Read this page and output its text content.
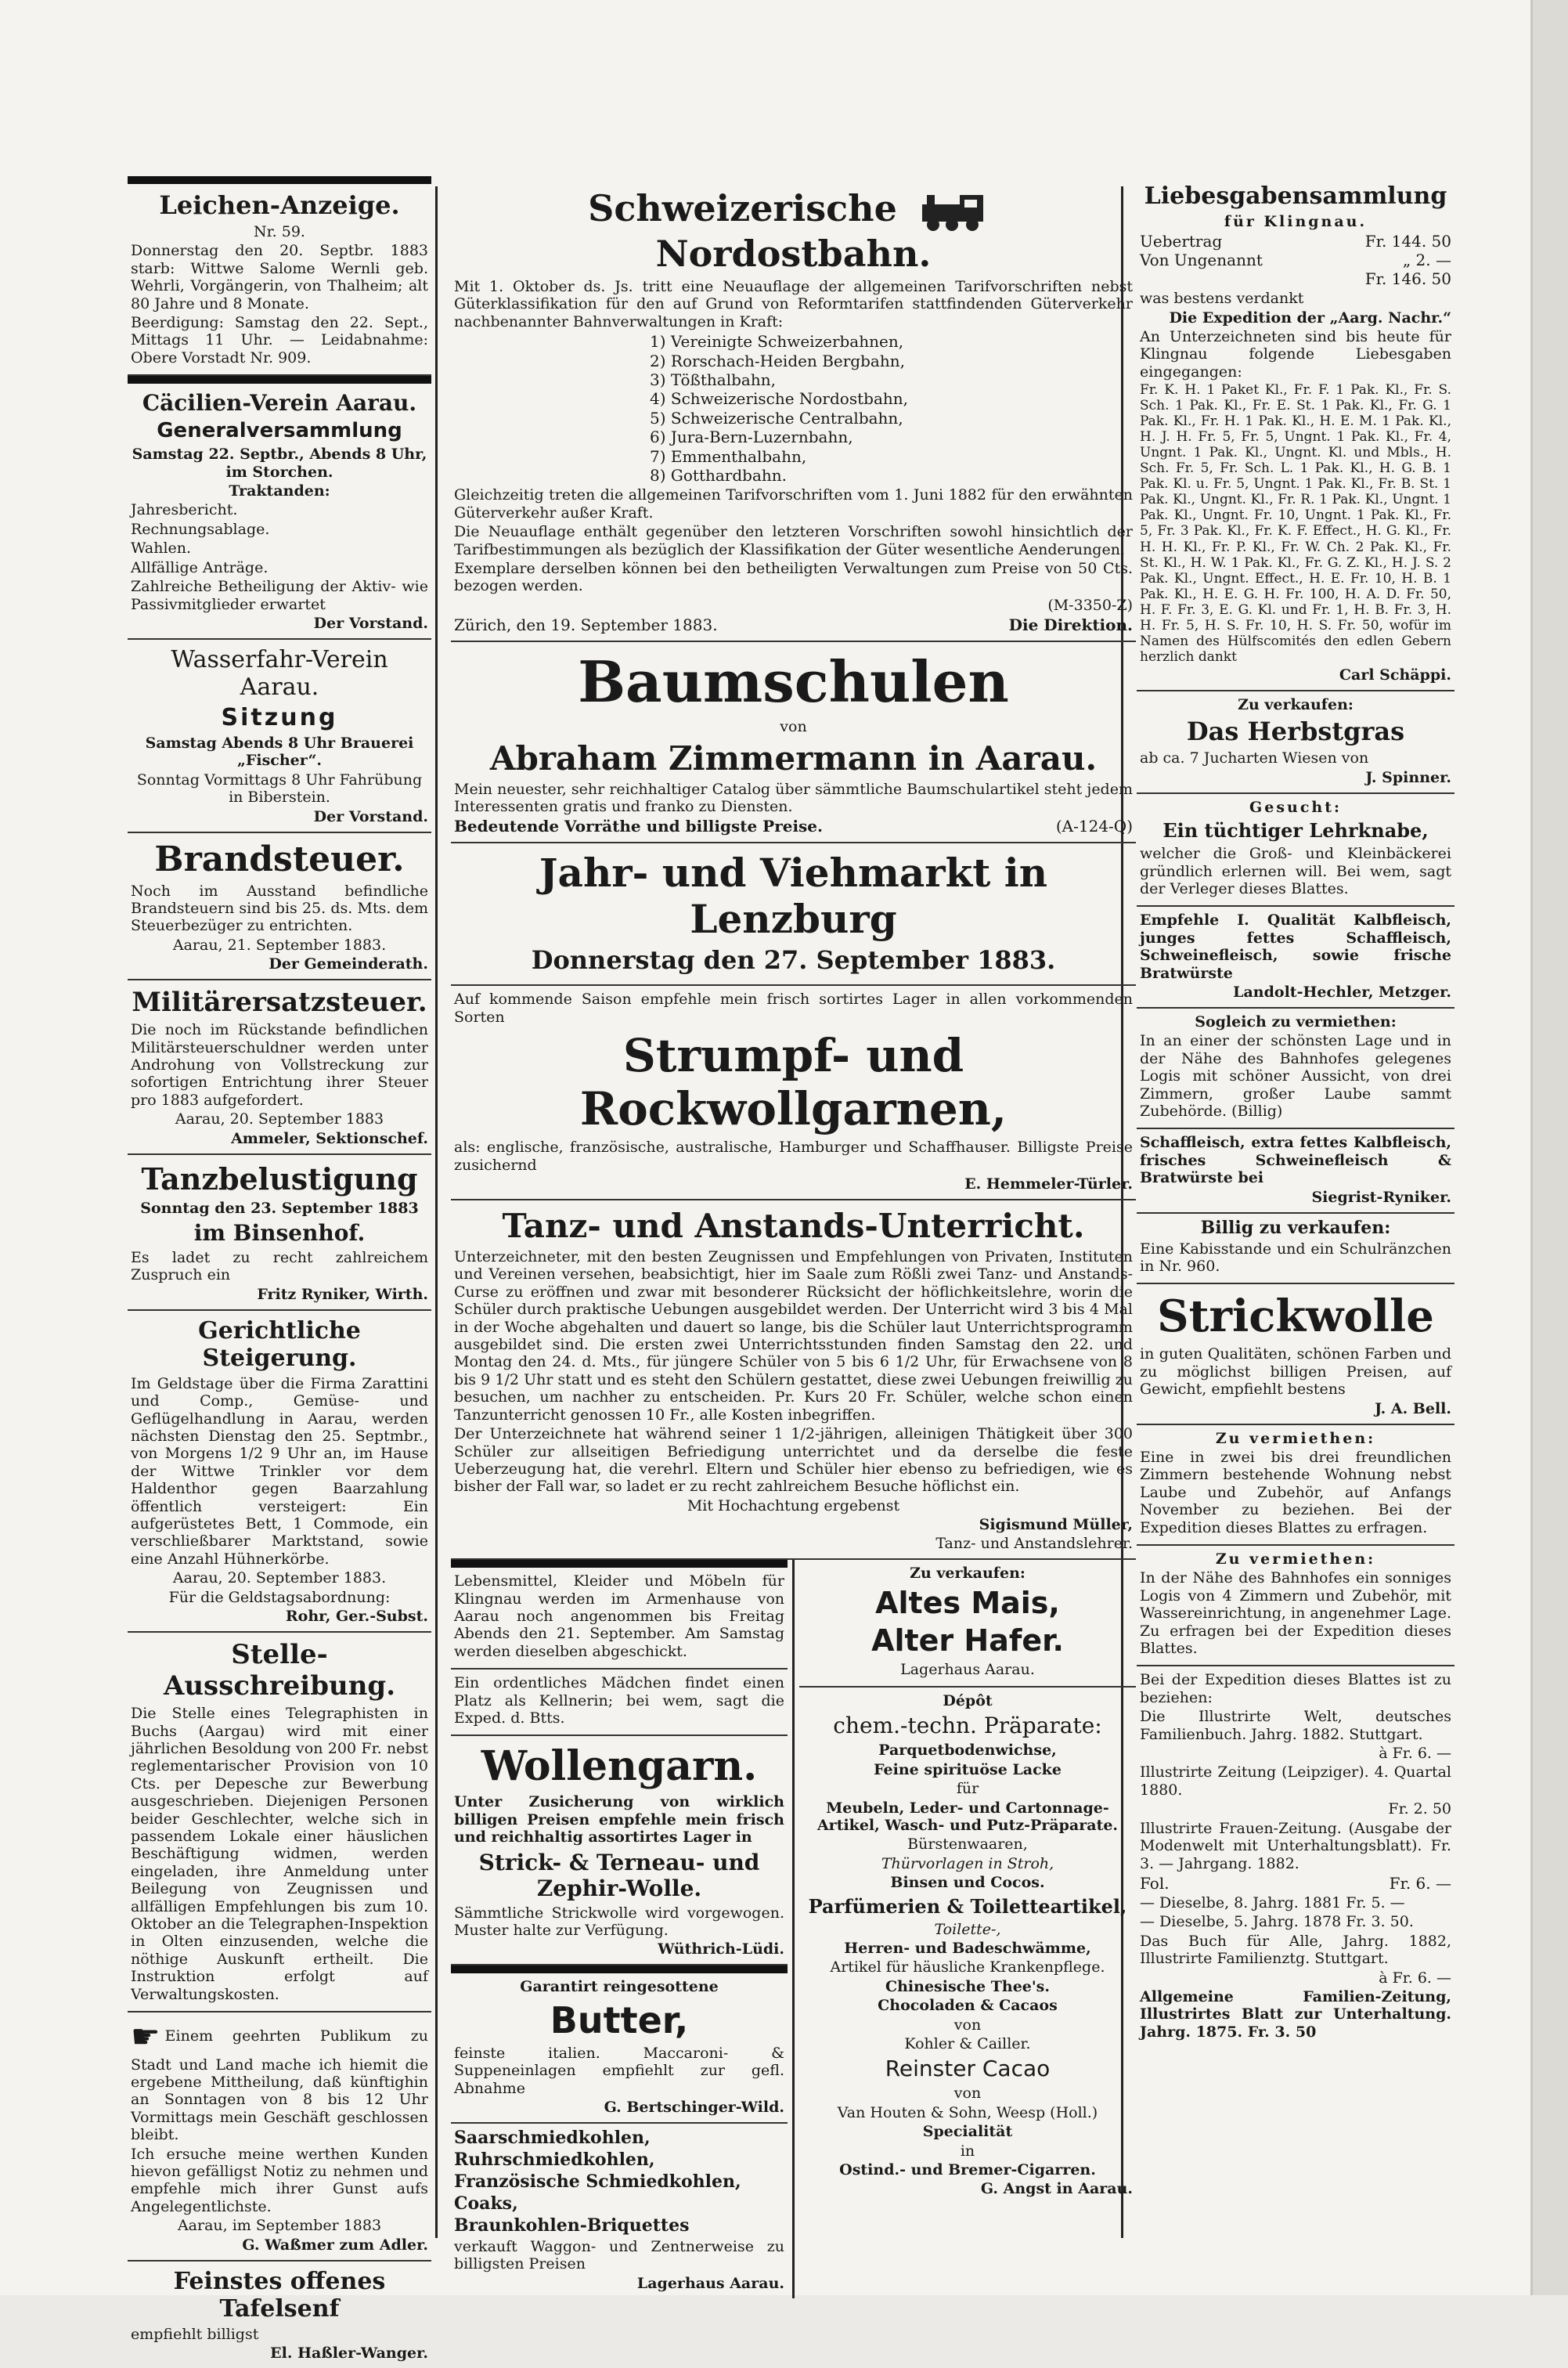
Leichen-Anzeige.

Nr. 59.

Donnerstag den 20. Septbr. 1883 starb: Wittwe Salome Wernli geb. Wehrli, Vorgängerin, von Thalheim; alt 80 Jahre und 8 Monate.

Beerdigung: Samstag den 22. Sept., Mittags 11 Uhr. — Leidabnahme: Obere Vorstadt Nr. 909.

Cäcilien-Verein Aarau.
Generalversammlung

Samstag 22. Septbr., Abends 8 Uhr, im Storchen.

Traktanden:

Jahresbericht.

Rechnungsablage.

Wahlen.

Allfällige Anträge.

Zahlreiche Betheiligung der Aktiv- wie Passivmitglieder erwartet

Der Vorstand.
Wasserfahr-Verein Aarau.
Sitzung

Samstag Abends 8 Uhr Brauerei „Fischer“.

Sonntag Vormittags 8 Uhr Fahrübung in Biberstein.

Der Vorstand.
Brandsteuer.

Noch im Ausstand befindliche Brandsteuern sind bis 25. ds. Mts. dem Steuerbezüger zu entrichten.

Aarau, 21. September 1883.

Der Gemeinderath.
Militärersatzsteuer.

Die noch im Rückstande befindlichen Militärsteuerschuldner werden unter Androhung von Vollstreckung zur sofortigen Entrichtung ihrer Steuer pro 1883 aufgefordert.

Aarau, 20. September 1883

Ammeler, Sektionschef.
Tanzbelustigung

Sonntag den 23. September 1883

im Binsenhof.

Es ladet zu recht zahlreichem Zuspruch ein

Fritz Ryniker, Wirth.
Gerichtliche Steigerung.

Im Geldstage über die Firma Zarattini und Comp., Gemüse- und Geflügelhandlung in Aarau, werden nächsten Dienstag den 25. Septmbr., von Morgens 1/2 9 Uhr an, im Hause der Wittwe Trinkler vor dem Haldenthor gegen Baarzahlung öffentlich versteigert: Ein aufgerüstetes Bett, 1 Commode, ein verschließbarer Marktstand, sowie eine Anzahl Hühnerkörbe.

Aarau, 20. September 1883.

Für die Geldstagsabordnung:

Rohr, Ger.-Subst.
Stelle-Ausschreibung.

Die Stelle eines Telegraphisten in Buchs (Aargau) wird mit einer jährlichen Besoldung von 200 Fr. nebst reglementarischer Provision von 10 Cts. per Depesche zur Bewerbung ausgeschrieben. Diejenigen Personen beider Geschlechter, welche sich in passendem Lokale einer häuslichen Beschäftigung widmen, werden eingeladen, ihre Anmeldung unter Beilegung von Zeugnissen und allfälligen Empfehlungen bis zum 10. Oktober an die Telegraphen-Inspektion in Olten einzusenden, welche die nöthige Auskunft ertheilt. Die Instruktion erfolgt auf Verwaltungskosten.

☛ Einem geehrten Publikum zu Stadt und Land mache ich hiemit die ergebene Mittheilung, daß künftighin an Sonntagen von 8 bis 12 Uhr Vormittags mein Geschäft geschlossen bleibt.

Ich ersuche meine werthen Kunden hievon gefälligst Notiz zu nehmen und empfehle mich ihrer Gunst aufs Angelegentlichste.

Aarau, im September 1883

G. Waßmer zum Adler.
Feinstes offenes Tafelsenf

empfiehlt billigst

El. Haßler-Wanger.
Schweizerische  Nordostbahn.

Mit 1. Oktober ds. Js. tritt eine Neuauflage der allgemeinen Tarifvorschriften nebst Güterklassifikation für den auf Grund von Reformtarifen stattfindenden Güterverkehr nachbenannter Bahnverwaltungen in Kraft:

1) Vereinigte Schweizerbahnen,
2) Rorschach-Heiden Bergbahn,
3) Tößthalbahn,
4) Schweizerische Nordostbahn,
5) Schweizerische Centralbahn,
6) Jura-Bern-Luzernbahn,
7) Emmenthalbahn,
8) Gotthardbahn.

Gleichzeitig treten die allgemeinen Tarifvorschriften vom 1. Juni 1882 für den erwähnten Güterverkehr außer Kraft.

Die Neuauflage enthält gegenüber den letzteren Vorschriften sowohl hinsichtlich der Tarifbestimmungen als bezüglich der Klassifikation der Güter wesentliche Aenderungen.

Exemplare derselben können bei den betheiligten Verwaltungen zum Preise von 50 Cts. bezogen werden.

(M-3350-Z)

Zürich, den 19. September 1883.	Die Direktion.
Baumschulen

von

Abraham Zimmermann in Aarau.

Mein neuester, sehr reichhaltiger Catalog über sämmtliche Baumschulartikel steht jedem Interessenten gratis und franko zu Diensten.

Bedeutende Vorräthe und billigste Preise.	(A-124-Q)
Jahr- und Viehmarkt in Lenzburg
Donnerstag den 27. September 1883.

Auf kommende Saison empfehle mein frisch sortirtes Lager in allen vorkommenden Sorten

Strumpf- und Rockwollgarnen,

als: englische, französische, australische, Hamburger und Schaffhauser. Billigste Preise zusichernd

E. Hemmeler-Türler.
Tanz- und Anstands-Unterricht.

Unterzeichneter, mit den besten Zeugnissen und Empfehlungen von Privaten, Instituten und Vereinen versehen, beabsichtigt, hier im Saale zum Rößli zwei Tanz- und Anstands-Curse zu eröffnen und zwar mit besonderer Rücksicht der höflichkeitslehre, worin die Schüler durch praktische Uebungen ausgebildet werden. Der Unterricht wird 3 bis 4 Mal in der Woche abgehalten und dauert so lange, bis die Schüler laut Unterrichtsprogramm ausgebildet sind. Die ersten zwei Unterrichtsstunden finden Samstag den 22. und Montag den 24. d. Mts., für jüngere Schüler von 5 bis 6 1/2 Uhr, für Erwachsene von 8 bis 9 1/2 Uhr statt und es steht den Schülern gestattet, diese zwei Uebungen freiwillig zu besuchen, um nachher zu entscheiden. Pr. Kurs 20 Fr. Schüler, welche schon einen Tanzunterricht genossen 10 Fr., alle Kosten inbegriffen.

Der Unterzeichnete hat während seiner 1 1/2-jährigen, alleinigen Thätigkeit über 300 Schüler zur allseitigen Befriedigung unterrichtet und da derselbe die feste Ueberzeugung hat, die verehrl. Eltern und Schüler hier ebenso zu befriedigen, wie es bisher der Fall war, so ladet er zu recht zahlreichem Besuche höflichst ein.

Mit Hochachtung ergebenst

Sigismund Müller,
Tanz- und Anstandslehrer.

Lebensmittel, Kleider und Möbeln für Klingnau werden im Armenhause von Aarau noch angenommen bis Freitag Abends den 21. September. Am Samstag werden dieselben abgeschickt.

Ein ordentliches Mädchen findet einen Platz als Kellnerin; bei wem, sagt die Exped. d. Btts.

Wollengarn.

Unter Zusicherung von wirklich billigen Preisen empfehle mein frisch und reichhaltig assortirtes Lager in

Strick- & Terneau- und Zephir-Wolle.

Sämmtliche Strickwolle wird vorgewogen. Muster halte zur Verfügung.

Wüthrich-Lüdi.

Garantirt reingesottene

Butter,

feinste italien. Maccaroni- & Suppeneinlagen empfiehlt zur gefl. Abnahme

G. Bertschinger-Wild.

Saarschmiedkohlen,

Ruhrschmiedkohlen,

Französische Schmiedkohlen,

Coaks,

Braunkohlen-Briquettes

verkauft Waggon- und Zentnerweise zu billigsten Preisen

Lagerhaus Aarau.

Zu verkaufen:

Altes Mais,
Alter Hafer.

Lagerhaus Aarau.

Dépôt

chem.-techn. Präparate:

Parquetbodenwichse,

Feine spirituöse Lacke

für

Meubeln, Leder- und Cartonnage-Artikel, Wasch- und Putz-Präparate.

Bürstenwaaren,

Thürvorlagen in Stroh,

Binsen und Cocos.

Parfümerien & Toiletteartikel,

Toilette-,

Herren- und Badeschwämme,

Artikel für häusliche Krankenpflege.

Chinesische Thee's.

Chocoladen & Cacaos

von

Kohler & Cailler.

Reinster Cacao

von

Van Houten & Sohn, Weesp (Holl.)

Specialität

in

Ostind.- und Bremer-Cigarren.

G. Angst in Aarau.
Liebesgabensammlung

für Klingnau.

Uebertrag	Fr. 144. 50
Von Ungenannt	„ 2. —
Fr. 146. 50

was bestens verdankt

Die Expedition der „Aarg. Nachr.“

An Unterzeichneten sind bis heute für Klingnau folgende Liebesgaben eingegangen:

Fr. K. H. 1 Paket Kl., Fr. F. 1 Pak. Kl., Fr. S. Sch. 1 Pak. Kl., Fr. E. St. 1 Pak. Kl., Fr. G. 1 Pak. Kl., Fr. H. 1 Pak. Kl., H. E. M. 1 Pak. Kl., H. J. H. Fr. 5, Fr. 5, Ungnt. 1 Pak. Kl., Fr. 4, Ungnt. 1 Pak. Kl., Ungnt. Kl. und Mbls., H. Sch. Fr. 5, Fr. Sch. L. 1 Pak. Kl., H. G. B. 1 Pak. Kl. u. Fr. 5, Ungnt. 1 Pak. Kl., Fr. B. St. 1 Pak. Kl., Ungnt. Kl., Fr. R. 1 Pak. Kl., Ungnt. 1 Pak. Kl., Ungnt. Fr. 10, Ungnt. 1 Pak. Kl., Fr. 5, Fr. 3 Pak. Kl., Fr. K. F. Effect., H. G. Kl., Fr. H. H. Kl., Fr. P. Kl., Fr. W. Ch. 2 Pak. Kl., Fr. St. Kl., H. W. 1 Pak. Kl., Fr. G. Z. Kl., H. J. S. 2 Pak. Kl., Ungnt. Effect., H. E. Fr. 10, H. B. 1 Pak. Kl., H. E. G. H. Fr. 100, H. A. D. Fr. 50, H. F. Fr. 3, E. G. Kl. und Fr. 1, H. B. Fr. 3, H. H. Fr. 5, H. S. Fr. 10, H. S. Fr. 50, wofür im Namen des Hülfscomités den edlen Gebern herzlich dankt

Carl Schäppi.

Zu verkaufen:

Das Herbstgras

ab ca. 7 Jucharten Wiesen von

J. Spinner.

Gesucht:

Ein tüchtiger Lehrknabe,

welcher die Groß- und Kleinbäckerei gründlich erlernen will. Bei wem, sagt der Verleger dieses Blattes.

Empfehle I. Qualität Kalbfleisch, junges fettes Schaffleisch, Schweinefleisch, sowie frische Bratwürste

Landolt-Hechler, Metzger.

Sogleich zu vermiethen:

In an einer der schönsten Lage und in der Nähe des Bahnhofes gelegenes Logis mit schöner Aussicht, von drei Zimmern, großer Laube sammt Zubehörde. (Billig)

Schaffleisch, extra fettes Kalbfleisch, frisches Schweinefleisch & Bratwürste bei

Siegrist-Ryniker.

Billig zu verkaufen:

Eine Kabisstande und ein Schulränzchen in Nr. 960.

Strickwolle

in guten Qualitäten, schönen Farben und zu möglichst billigen Preisen, auf Gewicht, empfiehlt bestens

J. A. Bell.

Zu vermiethen:

Eine in zwei bis drei freundlichen Zimmern bestehende Wohnung nebst Laube und Zubehör, auf Anfangs November zu beziehen. Bei der Expedition dieses Blattes zu erfragen.

Zu vermiethen:

In der Nähe des Bahnhofes ein sonniges Logis von 4 Zimmern und Zubehör, mit Wassereinrichtung, in angenehmer Lage. Zu erfragen bei der Expedition dieses Blattes.

Bei der Expedition dieses Blattes ist zu beziehen:

Die Illustrirte Welt, deutsches Familienbuch. Jahrg. 1882. Stuttgart.

à Fr. 6. —

Illustrirte Zeitung (Leipziger). 4. Quartal 1880.

Fr. 2. 50

Illustrirte Frauen-Zeitung. (Ausgabe der Modenwelt mit Unterhaltungsblatt). Fr. 3. — Jahrgang. 1882.

Fol.	Fr. 6. —

— Dieselbe, 8. Jahrg. 1881 Fr. 5. —

— Dieselbe, 5. Jahrg. 1878 Fr. 3. 50.

Das Buch für Alle, Jahrg. 1882, Illustrirte Familienztg. Stuttgart.

à Fr. 6. —

Allgemeine Familien-Zeitung, Illustrirtes Blatt zur Unterhaltung. Jahrg. 1875. Fr. 3. 50
